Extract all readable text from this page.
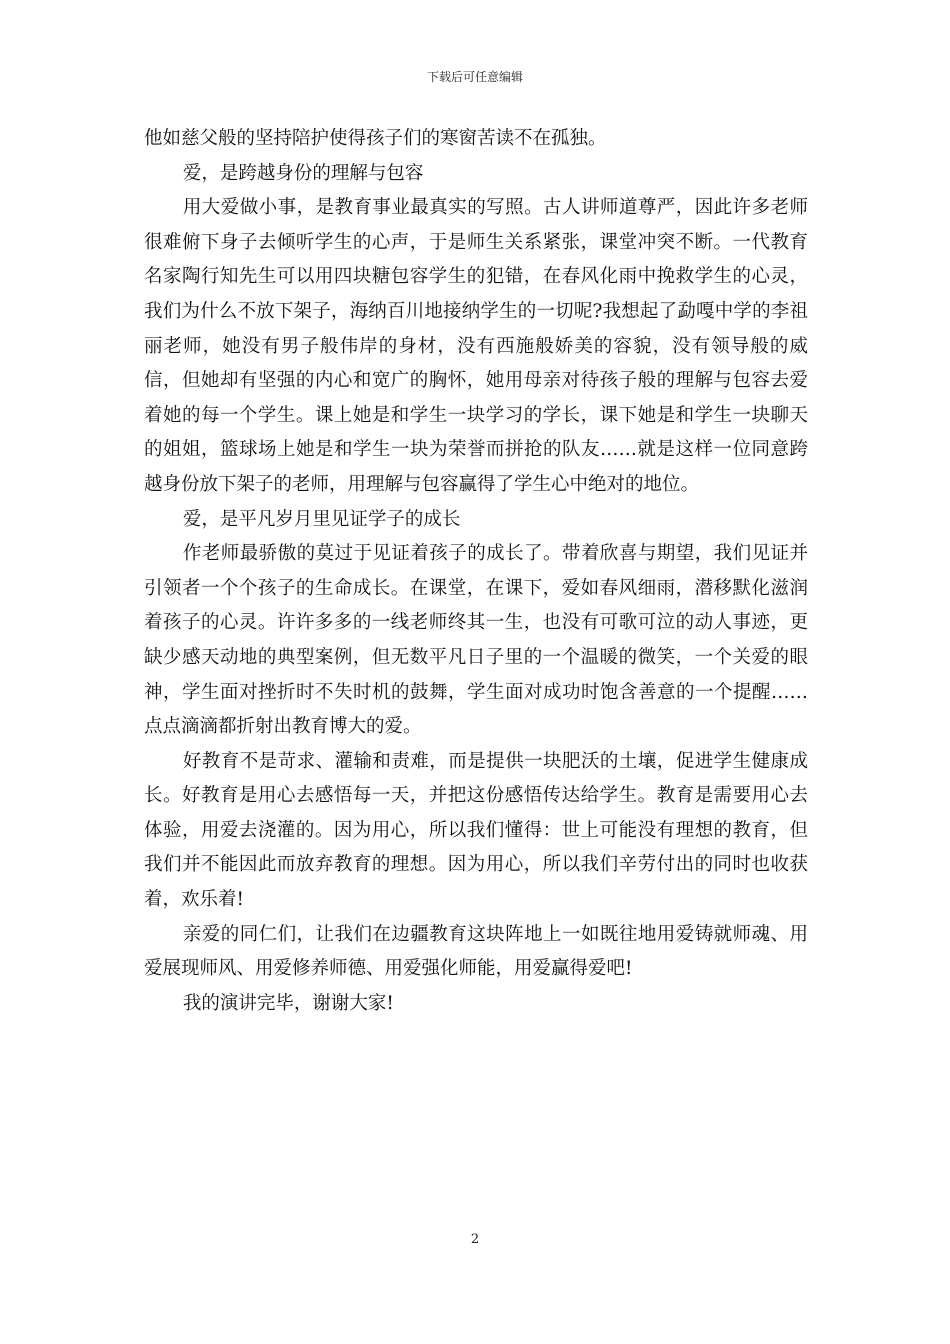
下载后可任意编辑

他如慈父般的坚持陪护使得孩子们的寒窗苦读不在孤独。

爱，是跨越身份的理解与包容

用大爱做小事，是教育事业最真实的写照。古人讲师道尊严，因此许多老师很难俯下身子去倾听学生的心声，于是师生关系紧张，课堂冲突不断。一代教育名家陶行知先生可以用四块糖包容学生的犯错，在春风化雨中挽救学生的心灵，我们为什么不放下架子，海纳百川地接纳学生的一切呢?我想起了勐嘎中学的李祖丽老师，她没有男子般伟岸的身材，没有西施般娇美的容貌，没有领导般的威信，但她却有坚强的内心和宽广的胸怀，她用母亲对待孩子般的理解与包容去爱着她的每一个学生。课上她是和学生一块学习的学长，课下她是和学生一块聊天的姐姐，篮球场上她是和学生一块为荣誉而拼抢的队友……就是这样一位同意跨越身份放下架子的老师，用理解与包容赢得了学生心中绝对的地位。

爱，是平凡岁月里见证学子的成长

作老师最骄傲的莫过于见证着孩子的成长了。带着欣喜与期望，我们见证并引领者一个个孩子的生命成长。在课堂，在课下，爱如春风细雨，潜移默化滋润着孩子的心灵。许许多多的一线老师终其一生，也没有可歌可泣的动人事迹，更缺少感天动地的典型案例，但无数平凡日子里的一个温暖的微笑，一个关爱的眼神，学生面对挫折时不失时机的鼓舞，学生面对成功时饱含善意的一个提醒……点点滴滴都折射出教育博大的爱。

好教育不是苛求、灌输和责难，而是提供一块肥沃的土壤，促进学生健康成长。好教育是用心去感悟每一天，并把这份感悟传达给学生。教育是需要用心去体验，用爱去浇灌的。因为用心，所以我们懂得：世上可能没有理想的教育，但我们并不能因此而放弃教育的理想。因为用心，所以我们辛劳付出的同时也收获着，欢乐着!

亲爱的同仁们，让我们在边疆教育这块阵地上一如既往地用爱铸就师魂、用爱展现师风、用爱修养师德、用爱强化师能，用爱赢得爱吧!

我的演讲完毕，谢谢大家!

2
